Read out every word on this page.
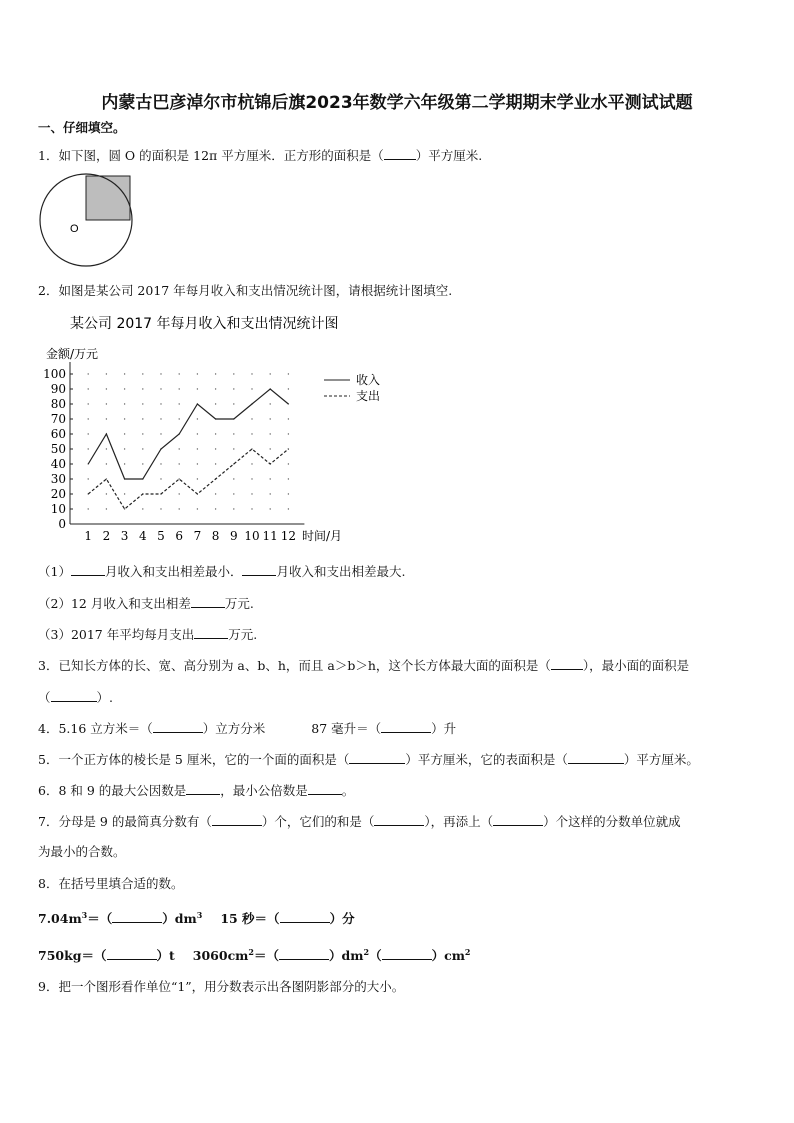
内蒙古巴彦淖尔市杭锦后旗2023年数学六年级第二学期期末学业水平测试试题
一、仔细填空。
1．如下图，圆 O 的面积是 12π 平方厘米．正方形的面积是（	）平方厘米.
O
2．如图是某公司 2017 年每月收入和支出情况统计图，请根据统计图填空.
某公司 2017 年每月收入和支出情况统计图
金额/万元
时间/月
0
10
20
30
40
50
60
70
80
90
100
1 2 3 4 5 6 7 8 9 10 11 12
收入
支出
（1）	月收入和支出相差最小．	月收入和支出相差最大.
（2）12 月收入和支出相差	万元.
（3）2017 年平均每月支出	万元.
3．已知长方体的长、宽、高分别为 a、b、h，而且 a＞b＞h，这个长方体最大面的面积是（	），最小面的面积是
（	）.
4．5.16 立方米＝（	）立方分米	87 毫升＝（	）升
5．一个正方体的棱长是 5 厘米，它的一个面的面积是（	）平方厘米，它的表面积是（	）平方厘米。
6．8 和 9 的最大公因数是	，最小公倍数是	。
7．分母是 9 的最简真分数有（	）个，它们的和是（	），再添上（	）个这样的分数单位就成
为最小的合数。
8．在括号里填合适的数。
$7.04m^3=$（	）$dm^3$ 15 秒＝（	）分
750kg＝（	）t $3060cm^2=$（	）$dm^2$（	）$cm^2$
9．把一个图形看作单位“1”，用分数表示出各图阴影部分的大小。
